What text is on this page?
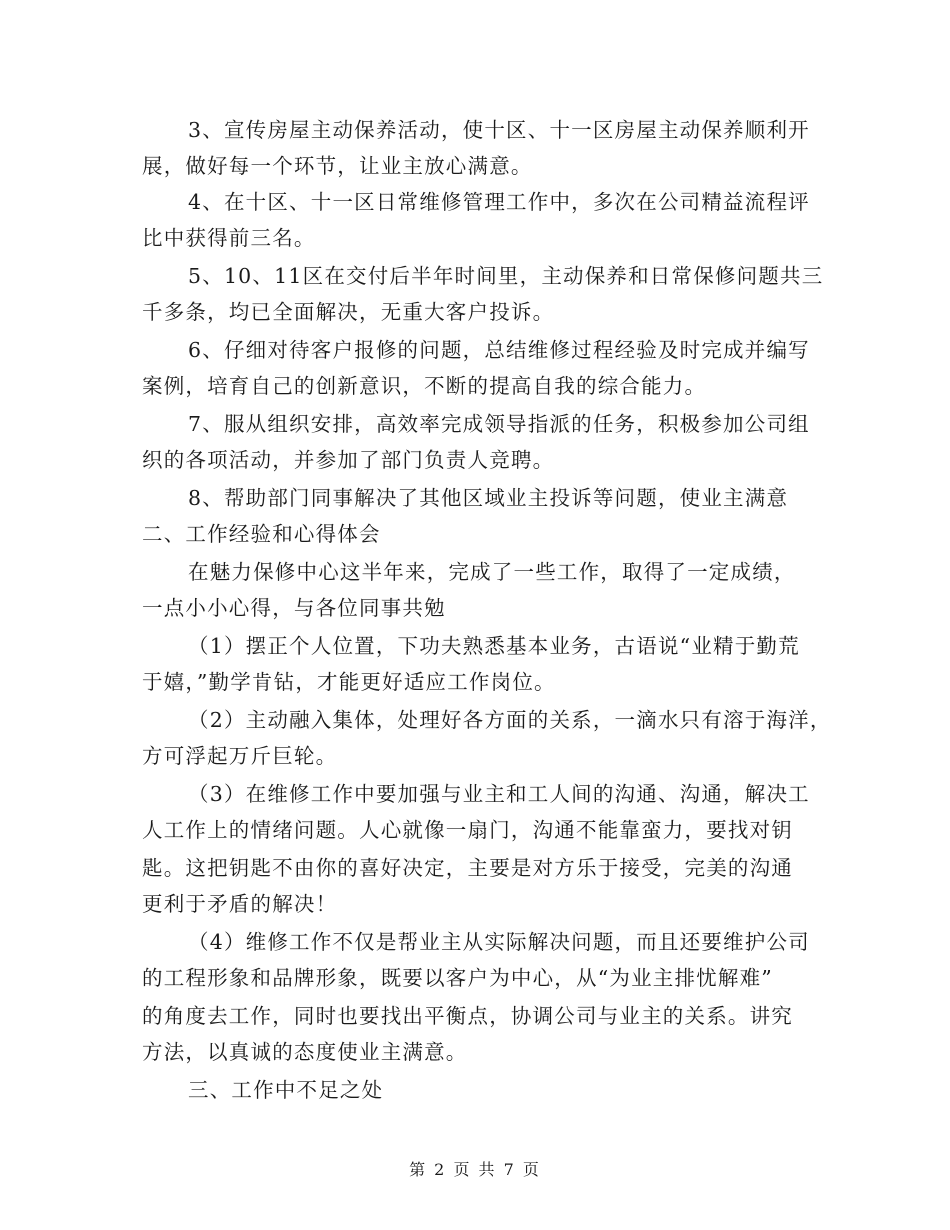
3、宣传房屋主动保养活动，使十区、十一区房屋主动保养顺利开
展，做好每一个环节，让业主放心满意。
4、在十区、十一区日常维修管理工作中，多次在公司精益流程评
比中获得前三名。
5、10、11区在交付后半年时间里，主动保养和日常保修问题共三
千多条，均已全面解决，无重大客户投诉。
6、仔细对待客户报修的问题，总结维修过程经验及时完成并编写
案例，培育自己的创新意识，不断的提高自我的综合能力。
7、服从组织安排，高效率完成领导指派的任务，积极参加公司组
织的各项活动，并参加了部门负责人竞聘。
8、帮助部门同事解决了其他区域业主投诉等问题，使业主满意
二、工作经验和心得体会
在魅力保修中心这半年来，完成了一些工作，取得了一定成绩，
一点小小心得，与各位同事共勉
（1）摆正个人位置，下功夫熟悉基本业务，古语说“业精于勤荒
于嬉，”勤学肯钻，才能更好适应工作岗位。
（2）主动融入集体，处理好各方面的关系，一滴水只有溶于海洋，
方可浮起万斤巨轮。
（3）在维修工作中要加强与业主和工人间的沟通、沟通，解决工
人工作上的情绪问题。人心就像一扇门，沟通不能靠蛮力，要找对钥
匙。这把钥匙不由你的喜好决定，主要是对方乐于接受，完美的沟通
更利于矛盾的解决！
（4）维修工作不仅是帮业主从实际解决问题，而且还要维护公司
的工程形象和品牌形象，既要以客户为中心，从“为业主排忧解难”
的角度去工作，同时也要找出平衡点，协调公司与业主的关系。讲究
方法，以真诚的态度使业主满意。
三、工作中不足之处
第 2 页 共 7 页
